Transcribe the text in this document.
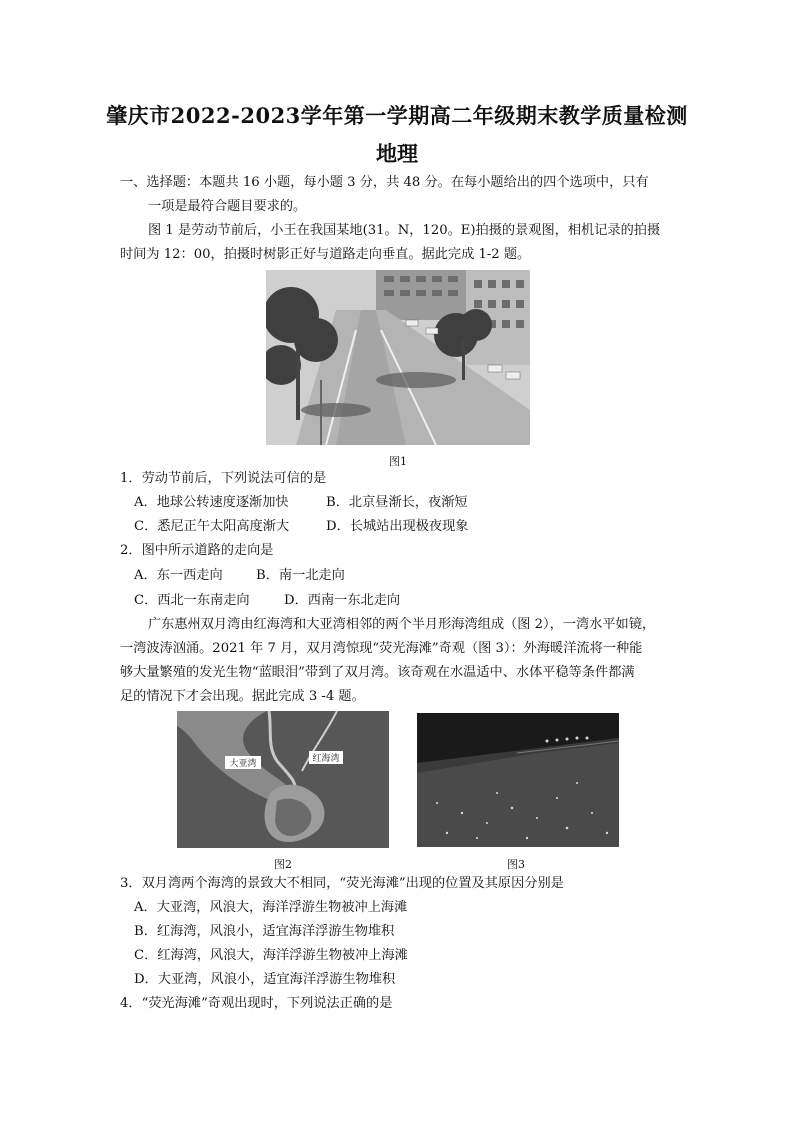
肇庆市2022-2023学年第一学期高二年级期末教学质量检测
地理
一、选择题：本题共 16 小题，每小题 3 分，共 48 分。在每小题给出的四个选项中，只有
一项是最符合题目要求的。
图 1 是劳动节前后，小王在我国某地(31。N，120。E)拍摄的景观图，相机记录的拍摄
时间为 12：00，拍摄时树影正好与道路走向垂直。据此完成 1-2 题。
图1
1．劳动节前后，下列说法可信的是
A．地球公转速度逐渐加快	B．北京昼渐长，夜渐短
C．悉尼正午太阳高度渐大	D．长城站出现极夜现象
2．图中所示道路的走向是
A．东一西走向	B．南一北走向
C．西北一东南走向	D．西南一东北走向
广东惠州双月湾由红海湾和大亚湾相邻的两个半月形海湾组成（图 2），一湾水平如镜，
一湾波涛汹涌。2021 年 7 月，双月湾惊现“荧光海滩”奇观（图 3）：外海暖洋流将一种能
够大量繁殖的发光生物“蓝眼泪”带到了双月湾。该奇观在水温适中、水体平稳等条件都满
足的情况下才会出现。据此完成 3 -4 题。
大亚湾	红海湾
图2	图3
3．双月湾两个海湾的景致大不相同，“荧光海滩”出现的位置及其原因分别是
A．大亚湾，风浪大，海洋浮游生物被冲上海滩
B．红海湾，风浪小，适宜海洋浮游生物堆积
C．红海湾，风浪大，海洋浮游生物被冲上海滩
D．大亚湾，风浪小，适宜海洋浮游生物堆积
4．“荧光海滩”奇观出现时，下列说法正确的是
